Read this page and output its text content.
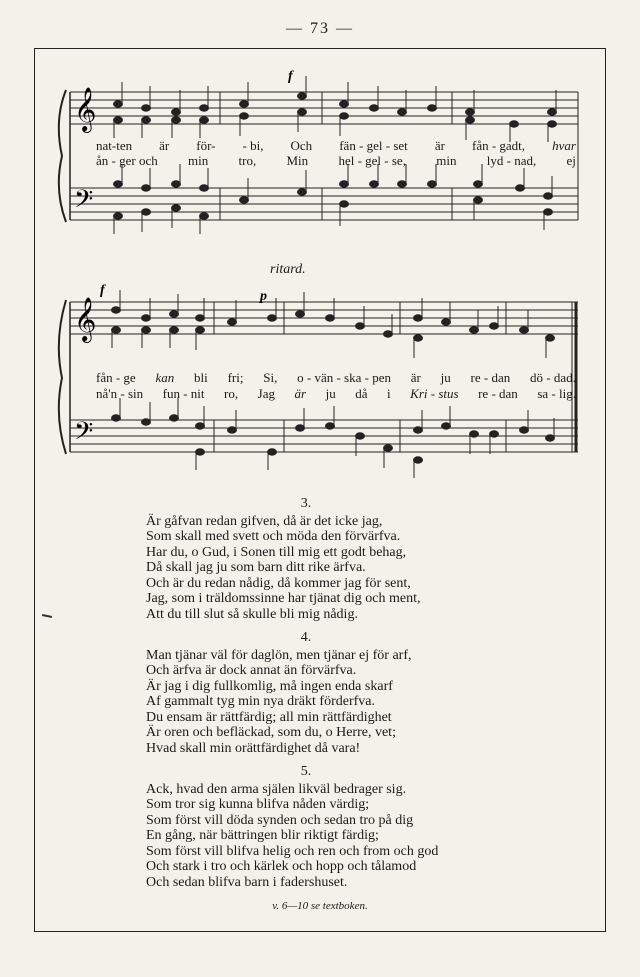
— 73 —
𝄞
𝄢
f
nat-ten är för- - bi, Och fän - gel - set är fån - gadt, hvar
ån - ger och min tro, Min hel - gel - se, min lyd - nad, ej
ritard.
𝄞
𝄢
f	p
fån - ge kan bli fri; Si, o - vän - ska - pen är ju re - dan dö - dad.
nå'n - sin fun - nit ro, Jag är ju då i Kri - stus re - dan sa - lig.
3.
Är gåfvan redan gifven, då är det icke jag,
Som skall med svett och möda den förvärfva.
Har du, o Gud, i Sonen till mig ett godt behag,
Då skall jag ju som barn ditt rike ärfva.
Och är du redan nådig, då kommer jag för sent,
Jag, som i träldomssinne har tjänat dig och ment,
Att du till slut så skulle bli mig nådig.
4.
Man tjänar väl för daglön, men tjänar ej för arf,
Och ärfva är dock annat än förvärfva.
Är jag i dig fullkomlig, må ingen enda skarf
Af gammalt tyg min nya dräkt förderfva.
Du ensam är rättfärdig; all min rättfärdighet
Är oren och befläckad, som du, o Herre, vet;
Hvad skall min orättfärdighet då vara!
5.
Ack, hvad den arma själen likväl bedrager sig.
Som tror sig kunna blifva nåden värdig;
Som först vill döda synden och sedan tro på dig
En gång, när bättringen blir riktigt färdig;
Som först vill blifva helig och ren och from och god
Och stark i tro och kärlek och hopp och tålamod
Och sedan blifva barn i fadershuset.
v. 6—10 se textboken.
